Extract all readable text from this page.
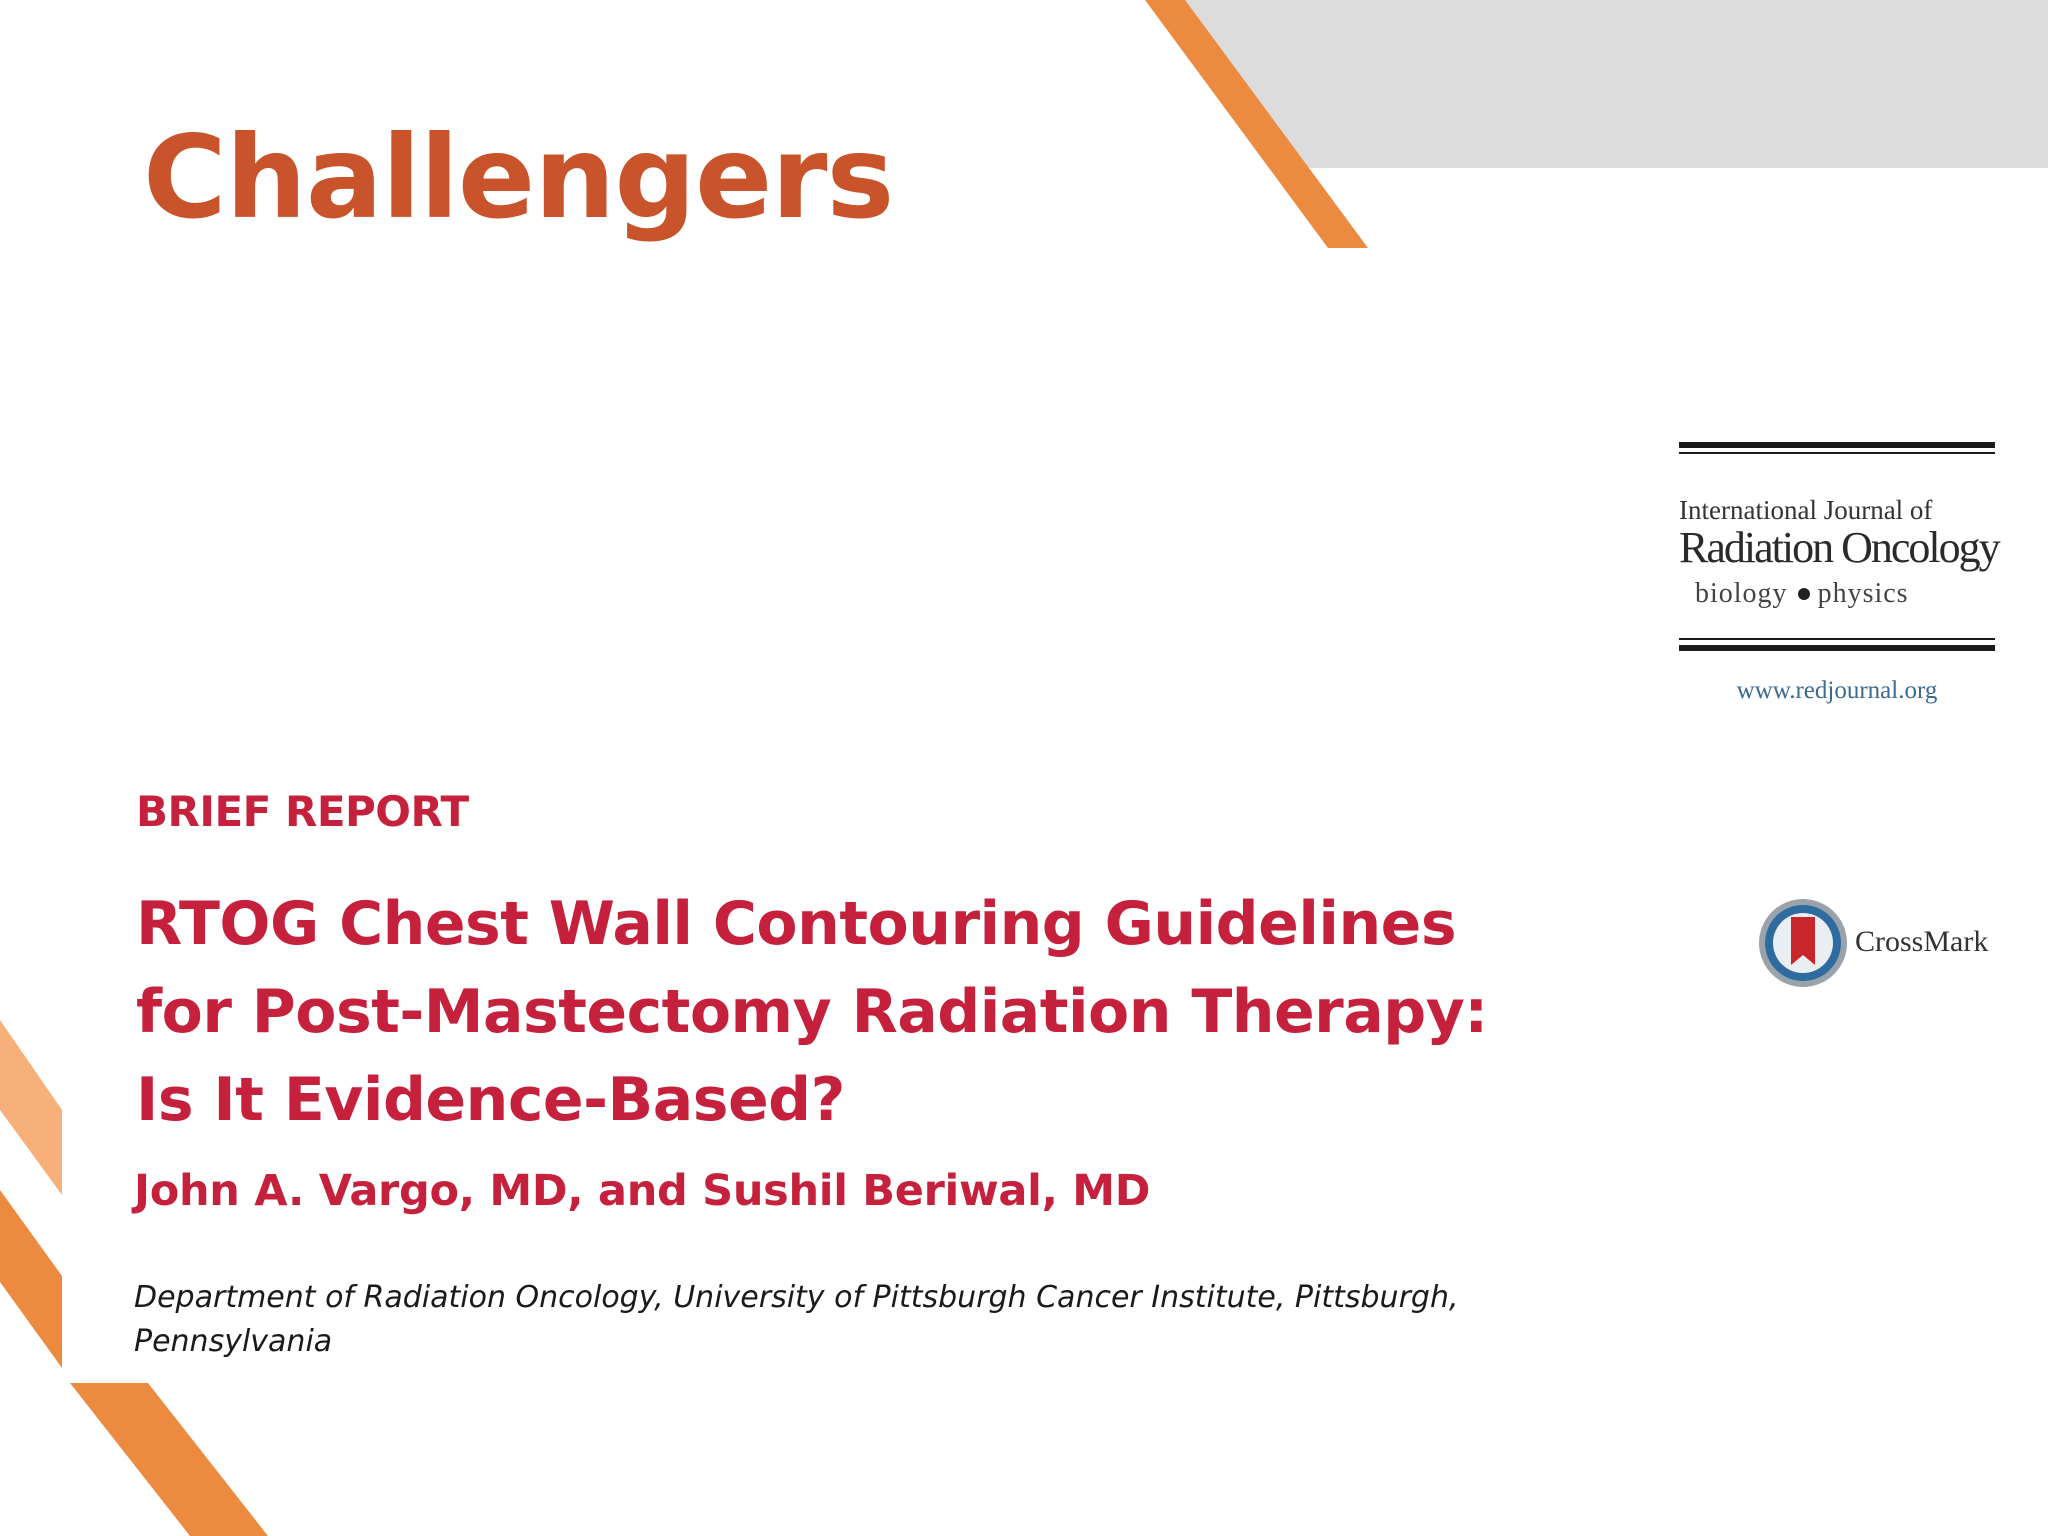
Challengers
International Journal of
Radiation Oncology
biology physics
www.redjournal.org
CrossMark
BRIEF REPORT
RTOG Chest Wall Contouring Guidelines
for Post-Mastectomy Radiation Therapy:
Is It Evidence-Based?
John A. Vargo, MD, and Sushil Beriwal, MD
Department of Radiation Oncology, University of Pittsburgh Cancer Institute, Pittsburgh,
Pennsylvania
